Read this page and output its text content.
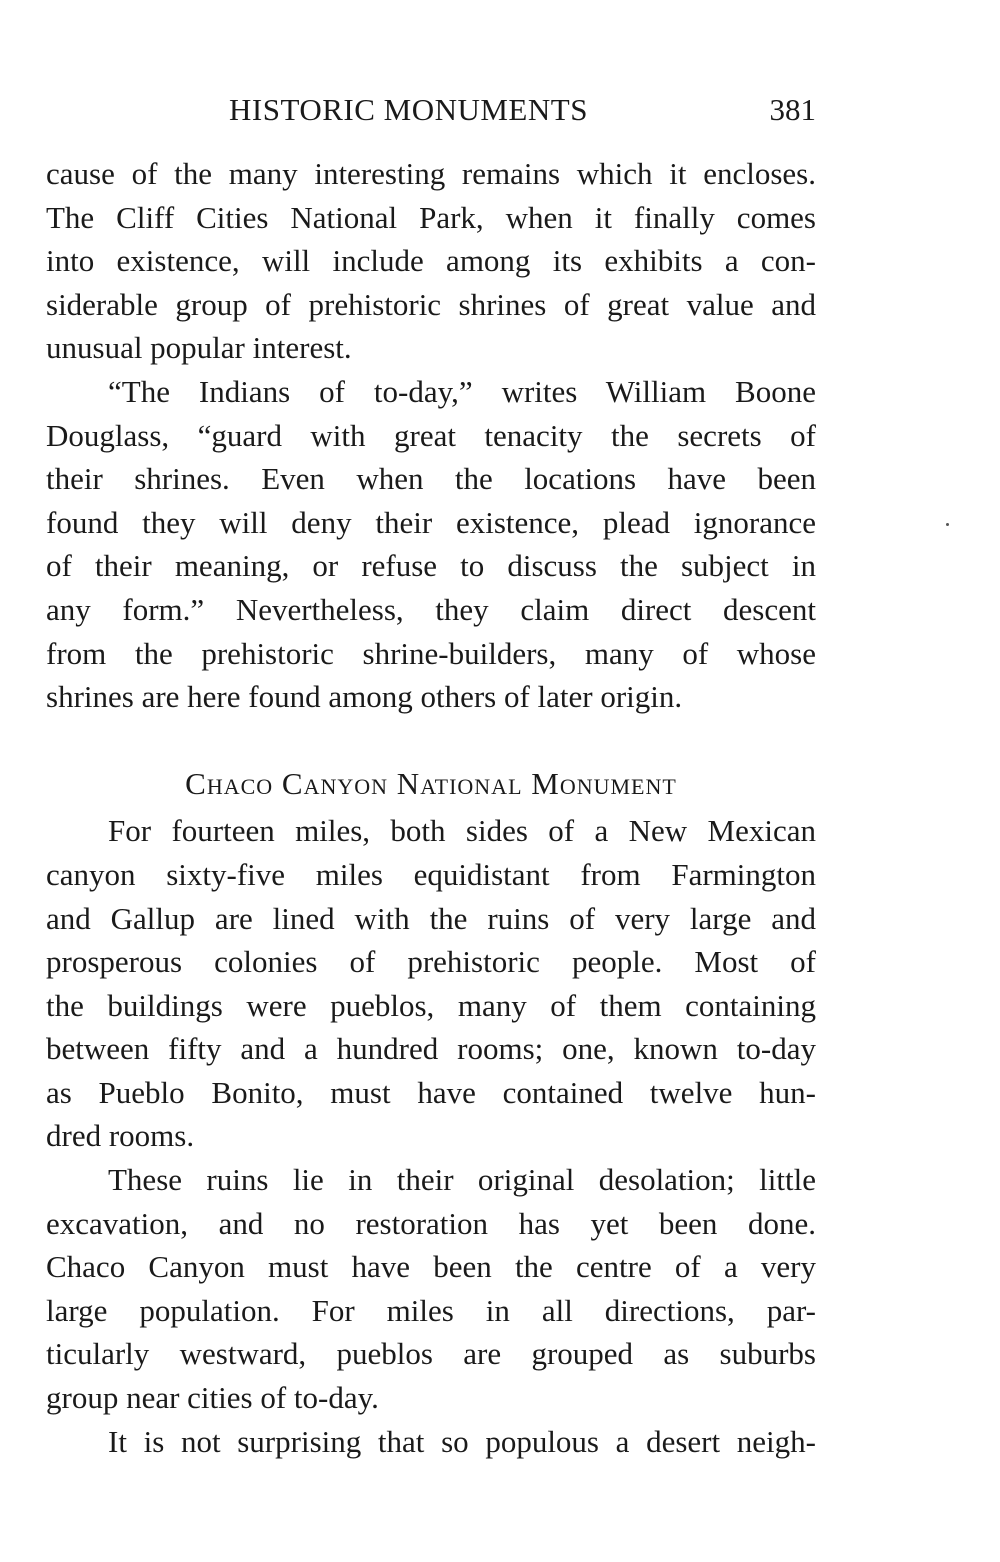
HISTORIC MONUMENTS	381
cause of the many interesting remains which it encloses.
The Cliff Cities National Park, when it finally comes
into existence, will include among its exhibits a con-
siderable group of prehistoric shrines of great value and
unusual popular interest.
“The Indians of to-day,” writes William Boone
Douglass, “guard with great tenacity the secrets of
their shrines. Even when the locations have been
found they will deny their existence, plead ignorance
of their meaning, or refuse to discuss the subject in
any form.” Nevertheless, they claim direct descent
from the prehistoric shrine-builders, many of whose
shrines are here found among others of later origin.
Chaco Canyon National Monument
For fourteen miles, both sides of a New Mexican
canyon sixty-five miles equidistant from Farmington
and Gallup are lined with the ruins of very large and
prosperous colonies of prehistoric people. Most of
the buildings were pueblos, many of them containing
between fifty and a hundred rooms; one, known to-day
as Pueblo Bonito, must have contained twelve hun-
dred rooms.
These ruins lie in their original desolation; little
excavation, and no restoration has yet been done.
Chaco Canyon must have been the centre of a very
large population. For miles in all directions, par-
ticularly westward, pueblos are grouped as suburbs
group near cities of to-day.
It is not surprising that so populous a desert neigh-
